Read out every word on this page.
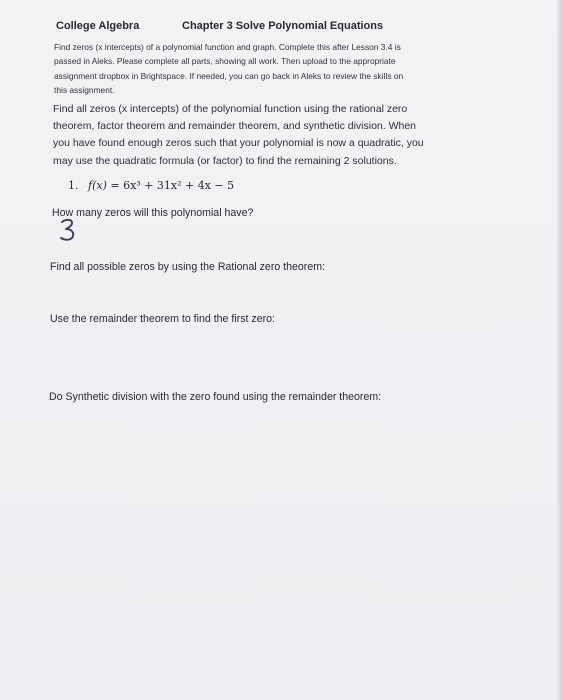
College Algebra	Chapter 3 Solve Polynomial Equations
Find zeros (x intercepts) of a polynomial function and graph. Complete this after Lesson 3.4 is
passed in Aleks. Please complete all parts, showing all work. Then upload to the appropriate
assignment dropbox in Brightspace. If needed, you can go back in Aleks to review the skills on
this assignment.
Find all zeros (x intercepts) of the polynomial function using the rational zero
theorem, factor theorem and remainder theorem, and synthetic division. When
you have found enough zeros such that your polynomial is now a quadratic, you
may use the quadratic formula (or factor) to find the remaining 2 solutions.
1. f(x) = 6x³ + 31x² + 4x − 5
How many zeros will this polynomial have?
Find all possible zeros by using the Rational zero theorem:
Use the remainder theorem to find the first zero:
Do Synthetic division with the zero found using the remainder theorem:
